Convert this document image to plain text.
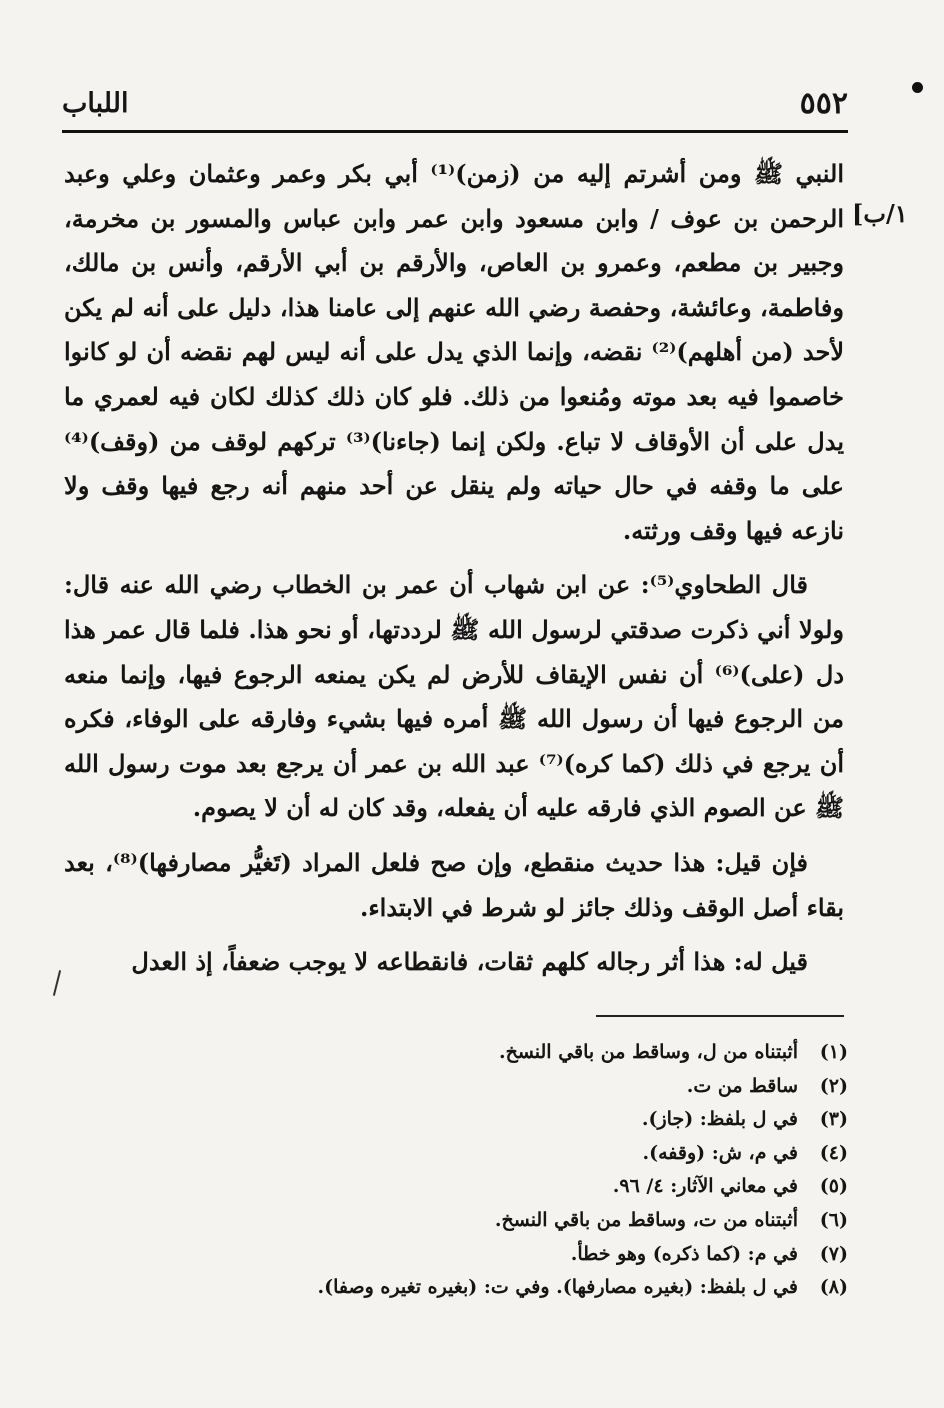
٥٥٢
اللباب
١/ب]

النبي ﷺ ومن أشرتم إليه من (زمن)⁽¹⁾ أبي بكر وعمر وعثمان وعلي وعبد الرحمن بن عوف / وابن مسعود وابن عمر وابن عباس والمسور بن مخرمة، وجبير بن مطعم، وعمرو بن العاص، والأرقم بن أبي الأرقم، وأنس بن مالك، وفاطمة، وعائشة، وحفصة رضي الله عنهم إلى عامنا هذا، دليل على أنه لم يكن لأحد (من أهلهم)⁽²⁾ نقضه، وإنما الذي يدل على أنه ليس لهم نقضه أن لو كانوا خاصموا فيه بعد موته ومُنعوا من ذلك. فلو كان ذلك كذلك لكان فيه لعمري ما يدل على أن الأوقاف لا تباع. ولكن إنما (جاءنا)⁽³⁾ تركهم لوقف من (وقف)⁽⁴⁾ على ما وقفه في حال حياته ولم ينقل عن أحد منهم أنه رجع فيها وقف ولا نازعه فيها وقف ورثته.

قال الطحاوي⁽⁵⁾: عن ابن شهاب أن عمر بن الخطاب رضي الله عنه قال: ولولا أني ذكرت صدقتي لرسول الله ﷺ لرددتها، أو نحو هذا. فلما قال عمر هذا دل (على)⁽⁶⁾ أن نفس الإيقاف للأرض لم يكن يمنعه الرجوع فيها، وإنما منعه من الرجوع فيها أن رسول الله ﷺ أمره فيها بشيء وفارقه على الوفاء، فكره أن يرجع في ذلك (كما كره)⁽⁷⁾ عبد الله بن عمر أن يرجع بعد موت رسول الله ﷺ عن الصوم الذي فارقه عليه أن يفعله، وقد كان له أن لا يصوم.

فإن قيل: هذا حديث منقطع، وإن صح فلعل المراد (تَغيُّر مصارفها)⁽⁸⁾، بعد بقاء أصل الوقف وذلك جائز لو شرط في الابتداء.

قيل له: هذا أثر رجاله كلهم ثقات، فانقطاعه لا يوجب ضعفاً، إذ العدل

(١)
أثبتناه من ل، وساقط من باقي النسخ.
(٢)
ساقط من ت.
(٣)
في ل بلفظ: (جاز).
(٤)
في م، ش: (وقفه).
(٥)
في معاني الآثار: ٤/ ٩٦.
(٦)
أثبتناه من ت، وساقط من باقي النسخ.
(٧)
في م: (كما ذكره) وهو خطأ.
(٨)
في ل بلفظ: (بغيره مصارفها). وفي ت: (بغيره تغيره وصفا).
